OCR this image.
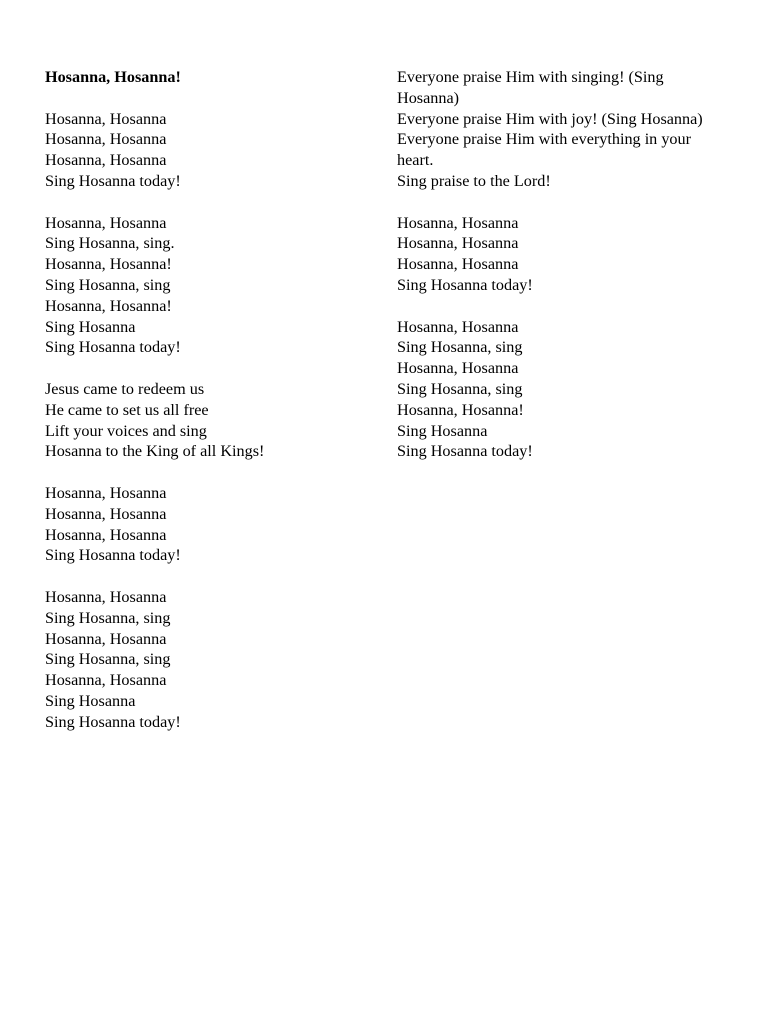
Hosanna, Hosanna!
Hosanna, Hosanna
Hosanna, Hosanna
Hosanna, Hosanna
Sing Hosanna today!
Hosanna, Hosanna
Sing Hosanna, sing.
Hosanna, Hosanna!
Sing Hosanna, sing
Hosanna, Hosanna!
Sing Hosanna
Sing Hosanna today!
Jesus came to redeem us
He came to set us all free
Lift your voices and sing
Hosanna to the King of all Kings!
Hosanna, Hosanna
Hosanna, Hosanna
Hosanna, Hosanna
Sing Hosanna today!
Hosanna, Hosanna
Sing Hosanna, sing
Hosanna, Hosanna
Sing Hosanna, sing
Hosanna, Hosanna
Sing Hosanna
Sing Hosanna today!
Everyone praise Him with singing! (Sing Hosanna)
Everyone praise Him with joy! (Sing Hosanna)
Everyone praise Him with everything in your heart.
Sing praise to the Lord!
Hosanna, Hosanna
Hosanna, Hosanna
Hosanna, Hosanna
Sing Hosanna today!
Hosanna, Hosanna
Sing Hosanna, sing
Hosanna, Hosanna
Sing Hosanna, sing
Hosanna, Hosanna!
Sing Hosanna
Sing Hosanna today!
